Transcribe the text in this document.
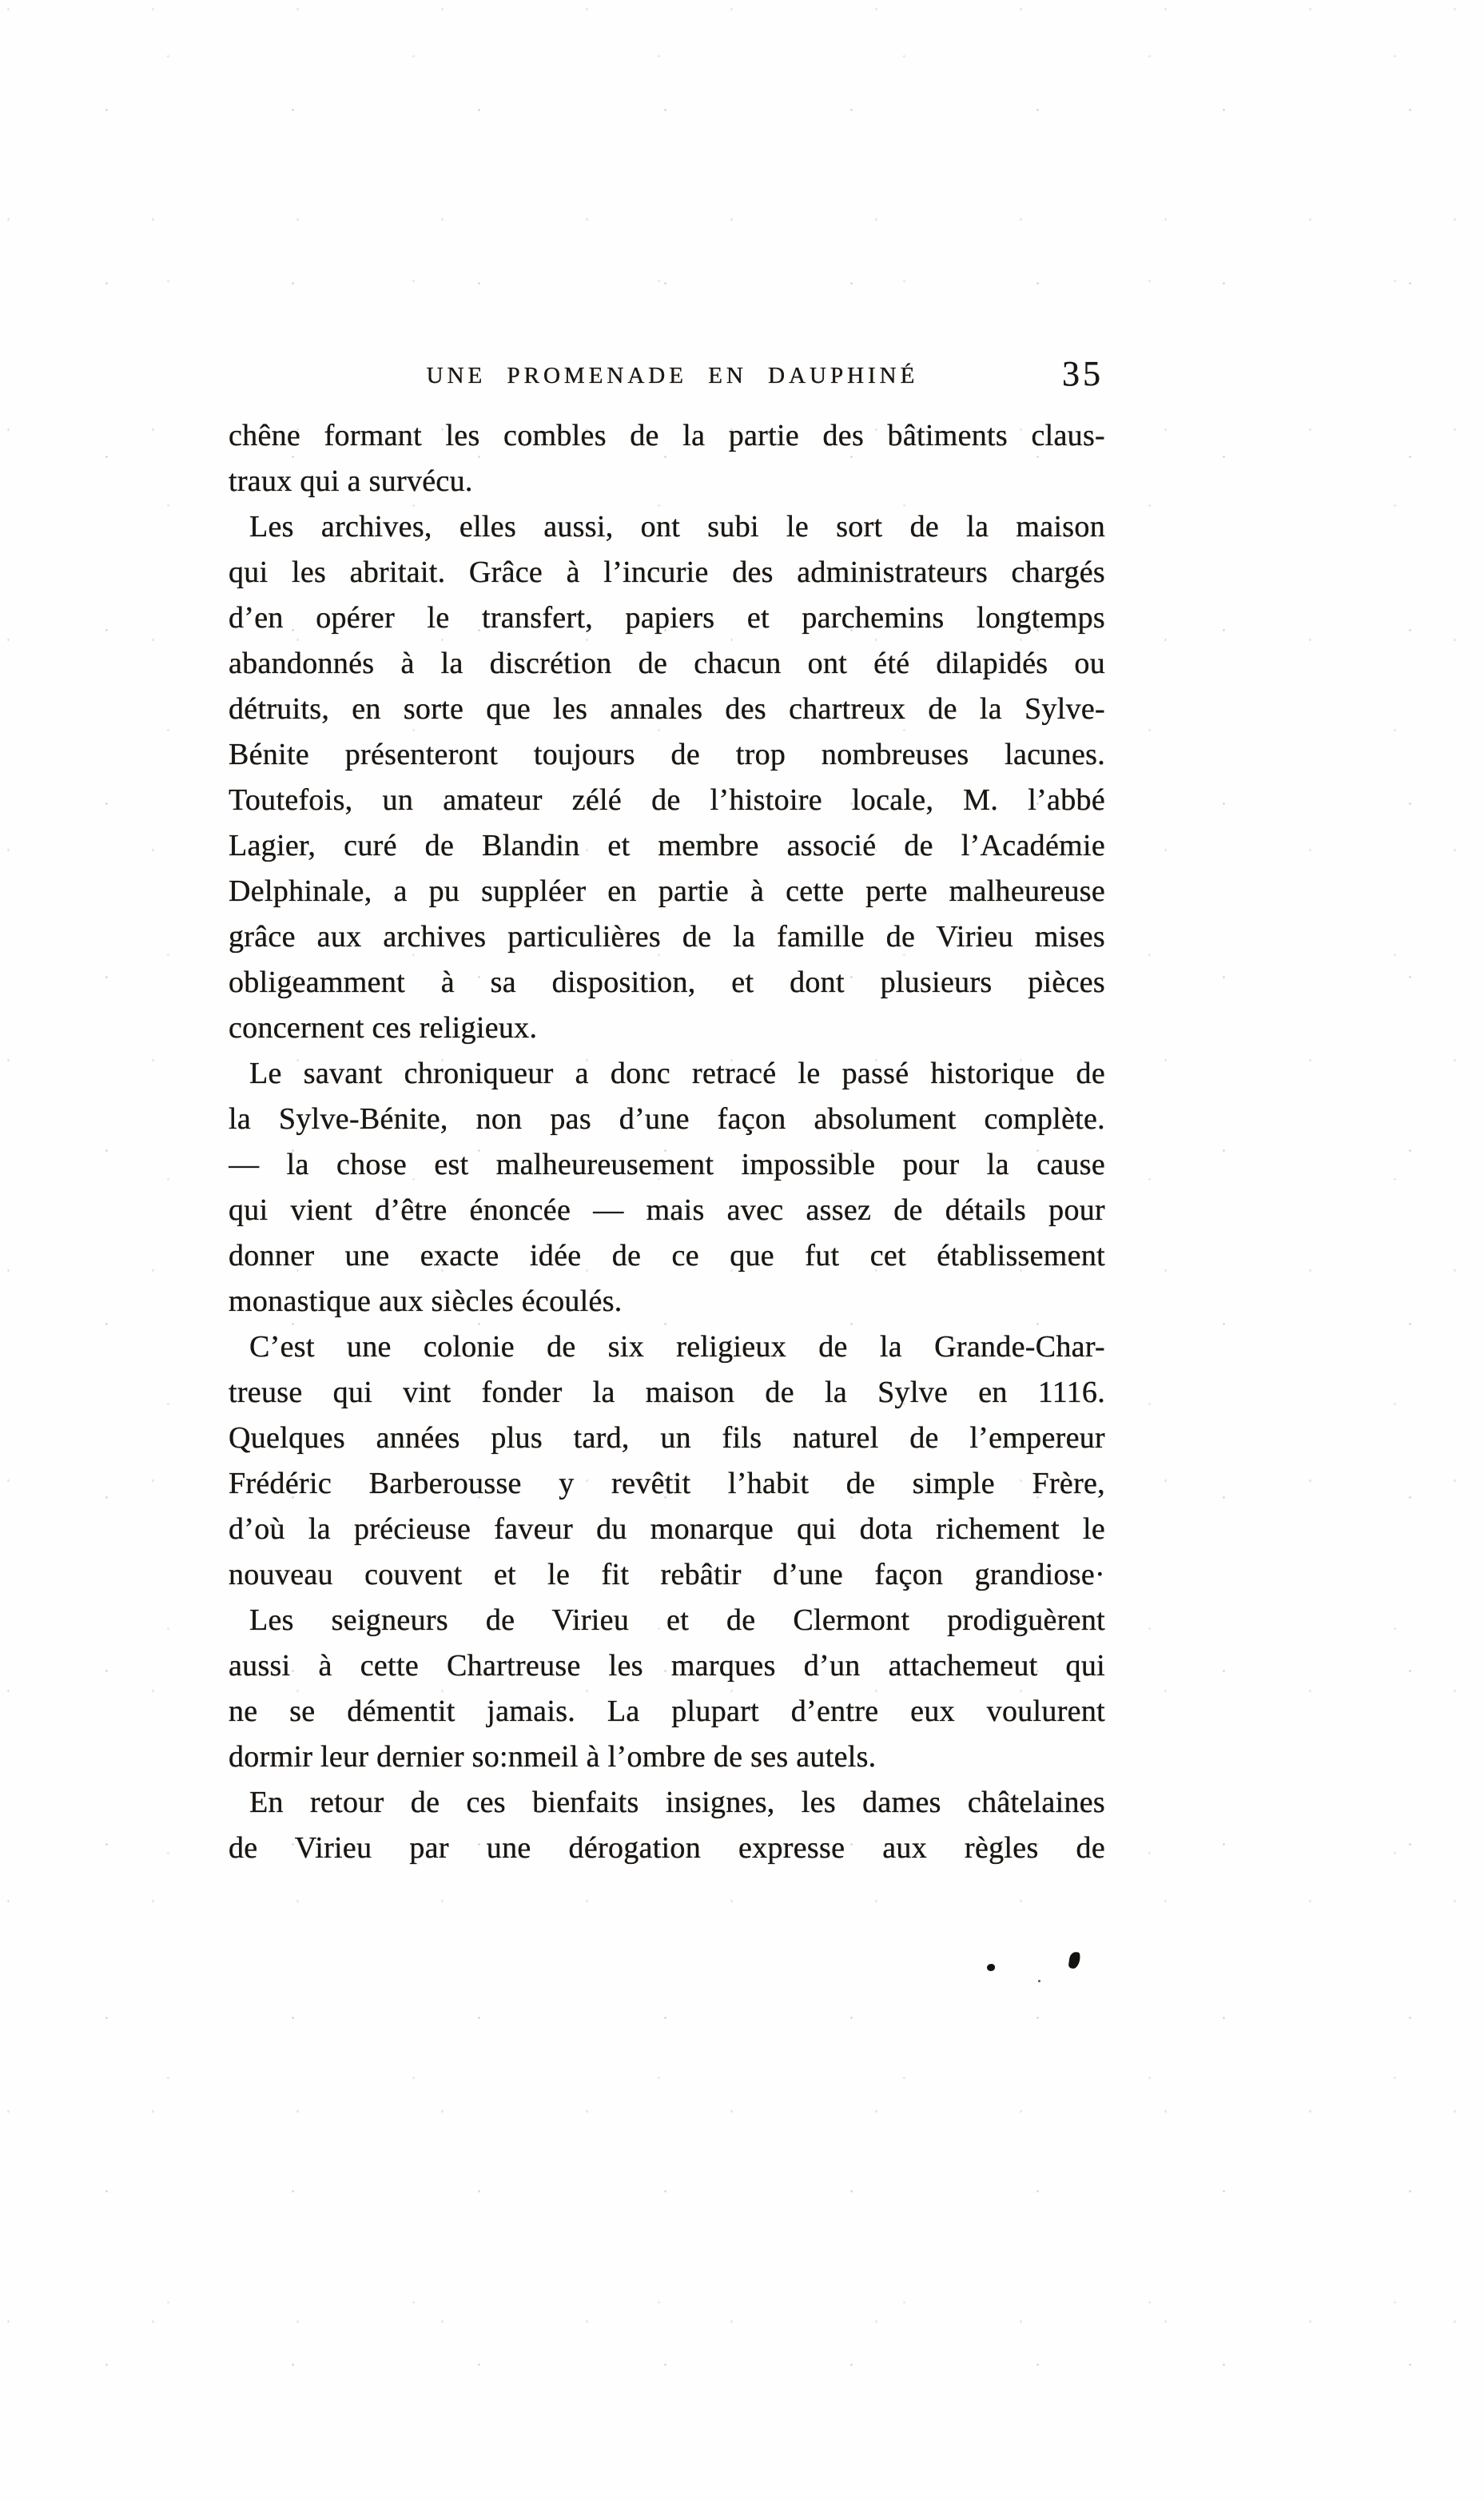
UNE PROMENADE EN DAUPHINÉ	35
chêne formant les combles de la partie des bâtiments claus-
traux qui a survécu.
Les archives, elles aussi, ont subi le sort de la maison
qui les abritait. Grâce à l’incurie des administrateurs chargés
d’en opérer le transfert, papiers et parchemins longtemps
abandonnés à la discrétion de chacun ont été dilapidés ou
détruits, en sorte que les annales des chartreux de la Sylve-
Bénite présenteront toujours de trop nombreuses lacunes.
Toutefois, un amateur zélé de l’histoire locale, M. l’abbé
Lagier, curé de Blandin et membre associé de l’Académie
Delphinale, a pu suppléer en partie à cette perte malheureuse
grâce aux archives particulières de la famille de Virieu mises
obligeamment à sa disposition, et dont plusieurs pièces
concernent ces religieux.
Le savant chroniqueur a donc retracé le passé historique de
la Sylve-Bénite, non pas d’une façon absolument complète.
— la chose est malheureusement impossible pour la cause
qui vient d’être énoncée — mais avec assez de détails pour
donner une exacte idée de ce que fut cet établissement
monastique aux siècles écoulés.
C’est une colonie de six religieux de la Grande-Char-
treuse qui vint fonder la maison de la Sylve en 1116.
Quelques années plus tard, un fils naturel de l’empereur
Frédéric Barberousse y revêtit l’habit de simple Frère,
d’où la précieuse faveur du monarque qui dota richement le
nouveau couvent et le fit rebâtir d’une façon grandiose·
Les seigneurs de Virieu et de Clermont prodiguèrent
aussi à cette Chartreuse les marques d’un attachemeut qui
ne se démentit jamais. La plupart d’entre eux voulurent
dormir leur dernier so:nmeil à l’ombre de ses autels.
En retour de ces bienfaits insignes, les dames châtelaines
de Virieu par une dérogation expresse aux règles de
